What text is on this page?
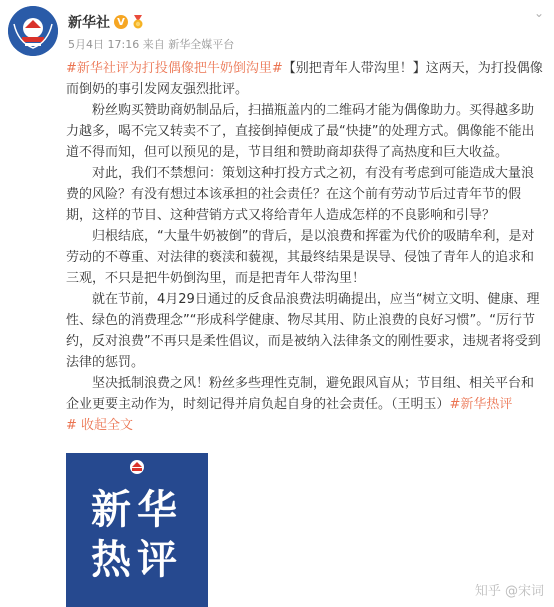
新华社 V
5月4日 17:16 来自 新华全媒平台
⌄

#新华社评为打投偶像把牛奶倒沟里#【别把青年人带沟里！】这两天，为打投偶像而倒奶的事引发网友强烈批评。

粉丝购买赞助商奶制品后，扫描瓶盖内的二维码才能为偶像助力。买得越多助力越多，喝不完又转卖不了，直接倒掉便成了最“快捷”的处理方式。偶像能不能出道不得而知，但可以预见的是，节目组和赞助商却获得了高热度和巨大收益。

对此，我们不禁想问：策划这种打投方式之初，有没有考虑到可能造成大量浪费的风险？有没有想过本该承担的社会责任？在这个前有劳动节后过青年节的假期，这样的节目、这种营销方式又将给青年人造成怎样的不良影响和引导？

归根结底，“大量牛奶被倒”的背后，是以浪费和挥霍为代价的吸睛牟利，是对劳动的不尊重、对法律的亵渎和藐视，其最终结果是误导、侵蚀了青年人的追求和三观，不只是把牛奶倒沟里，而是把青年人带沟里！

就在节前，4月29日通过的反食品浪费法明确提出，应当“树立文明、健康、理性、绿色的消费理念”“形成科学健康、物尽其用、防止浪费的良好习惯”。“厉行节约，反对浪费”不再只是柔性倡议，而是被纳入法律条文的刚性要求，违规者将受到法律的惩罚。

坚决抵制浪费之风！粉丝多些理性克制，避免跟风盲从；节目组、相关平台和企业更要主动作为，时刻记得并肩负起自身的社会责任。（王明玉）#新华热评

# 收起全文

新华
热评
知乎 @宋词
